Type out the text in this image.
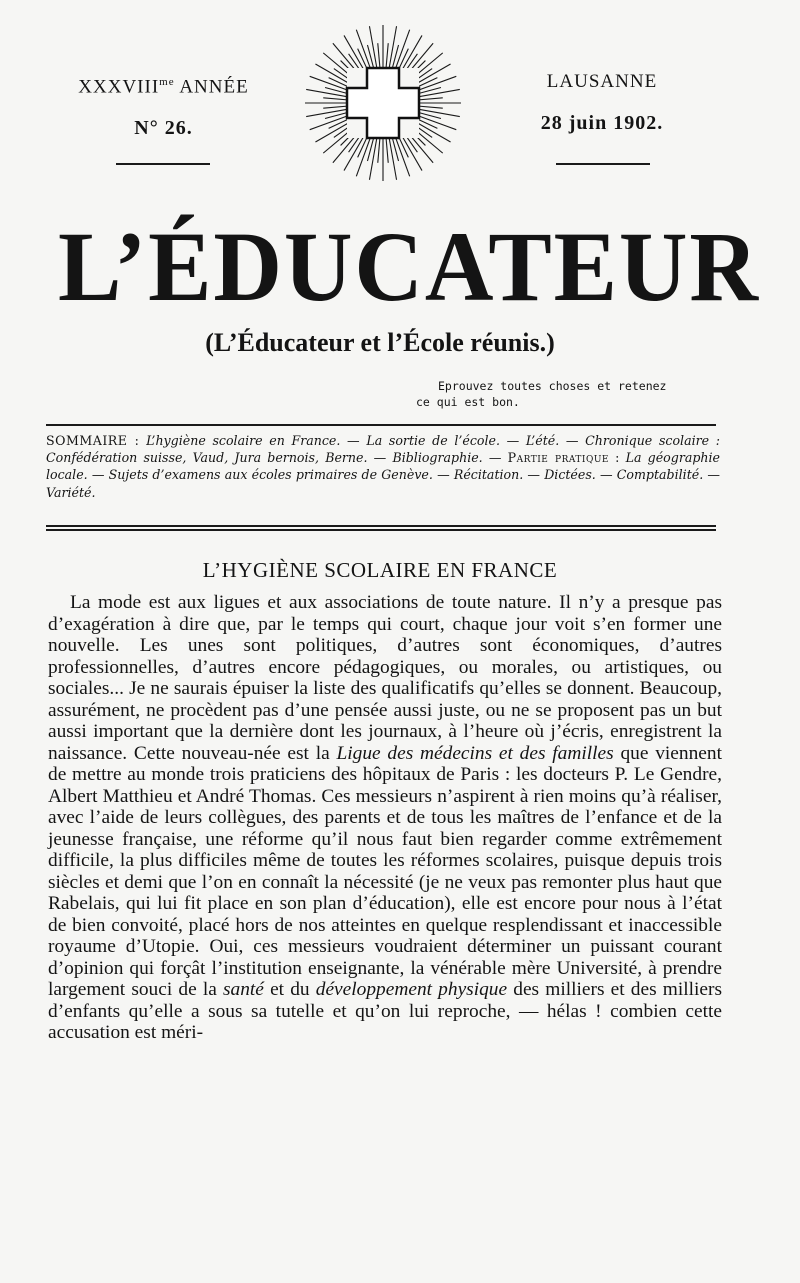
$XXXVIII^{me}$ ANNÉE
N° 26.
LAUSANNE
28 juin 1902.
L’ÉDUCATEUR
(L’Éducateur et l’École réunis.)
Eprouvez toutes choses et retenez
ce qui est bon.
SOMMAIRE : L’hygiène scolaire en France. — La sortie de l’école. — L’été. — Chronique scolaire : Confédération suisse, Vaud, Jura bernois, Berne. — Bibliographie. — Partie pratique : La géographie locale. — Sujets d’examens aux écoles primaires de Genève. — Récitation. — Dictées. — Comptabilité. — Variété.
L’HYGIÈNE SCOLAIRE EN FRANCE
La mode est aux ligues et aux associations de toute nature. Il n’y a presque pas d’exagération à dire que, par le temps qui court, chaque jour voit s’en former une nouvelle. Les unes sont politiques, d’autres sont économiques, d’autres professionnelles, d’autres encore pédagogiques, ou morales, ou artistiques, ou sociales... Je ne saurais épuiser la liste des qualificatifs qu’elles se donnent. Beaucoup, assurément, ne procèdent pas d’une pensée aussi juste, ou ne se proposent pas un but aussi important que la dernière dont les journaux, à l’heure où j’écris, enregistrent la naissance. Cette nouveau-née est la Ligue des médecins et des familles que viennent de mettre au monde trois praticiens des hôpitaux de Paris : les docteurs P. Le Gendre, Albert Matthieu et André Thomas. Ces messieurs n’aspirent à rien moins qu’à réaliser, avec l’aide de leurs collègues, des parents et de tous les maîtres de l’enfance et de la jeunesse française, une réforme qu’il nous faut bien regarder comme extrêmement difficile, la plus difficiles même de toutes les réformes scolaires, puisque depuis trois siècles et demi que l’on en connaît la nécessité (je ne veux pas remonter plus haut que Rabelais, qui lui fit place en son plan d’éducation), elle est encore pour nous à l’état de bien convoité, placé hors de nos atteintes en quelque resplendissant et inaccessible royaume d’Utopie. Oui, ces messieurs voudraient déterminer un puissant courant d’opinion qui forçât l’institution enseignante, la vénérable mère Université, à prendre largement souci de la santé et du développement physique des milliers et des milliers d’enfants qu’elle a sous sa tutelle et qu’on lui reproche, — hélas ! combien cette accusation est méri-
